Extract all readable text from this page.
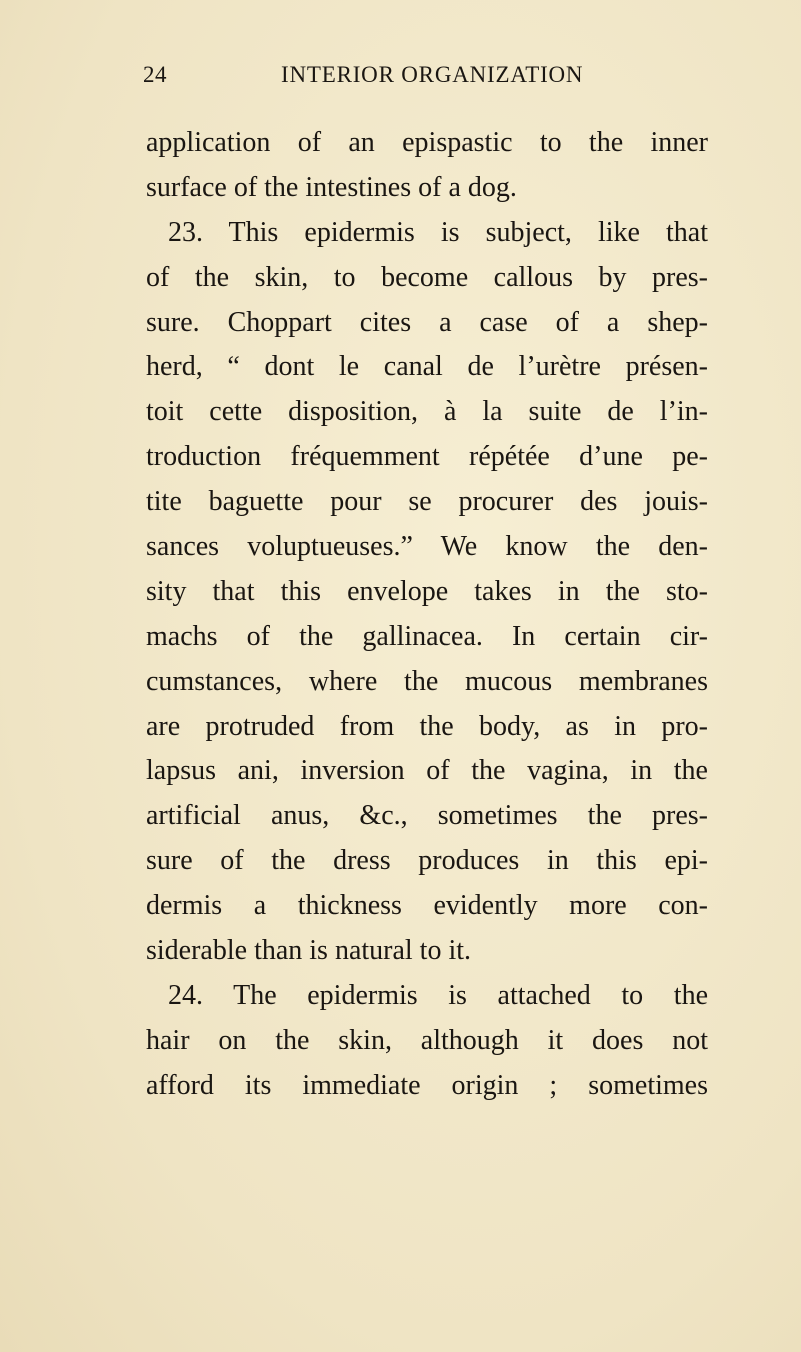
24	INTERIOR ORGANIZATION
application of an epispastic to the inner
surface of the intestines of a dog.
23. This epidermis is subject, like that
of the skin, to become callous by pres-
sure. Choppart cites a case of a shep-
herd, “ dont le canal de l’urètre présen-
toit cette disposition, à la suite de l’in-
troduction fréquemment répétée d’une pe-
tite baguette pour se procurer des jouis-
sances voluptueuses.” We know the den-
sity that this envelope takes in the sto-
machs of the gallinacea. In certain cir-
cumstances, where the mucous membranes
are protruded from the body, as in pro-
lapsus ani, inversion of the vagina, in the
artificial anus, &c., sometimes the pres-
sure of the dress produces in this epi-
dermis a thickness evidently more con-
siderable than is natural to it.
24. The epidermis is attached to the
hair on the skin, although it does not
afford its immediate origin ; sometimes
